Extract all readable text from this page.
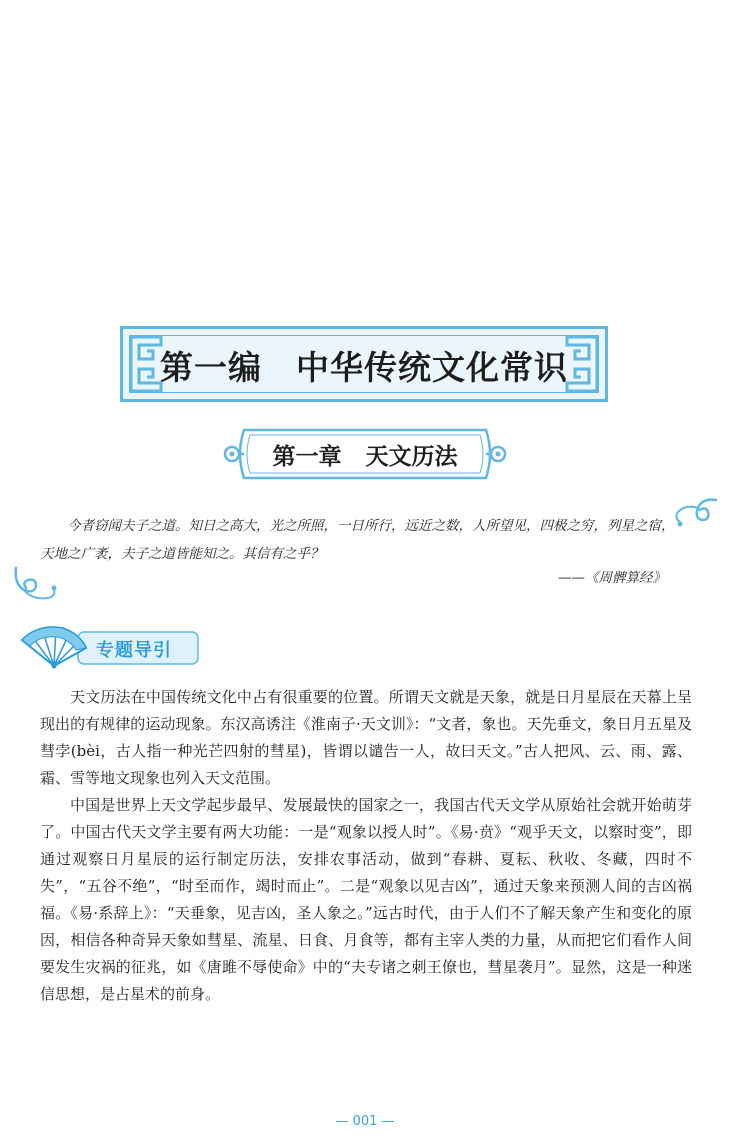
第一编 中华传统文化常识
第一章 天文历法

今者窃闻夫子之道。知日之高大，光之所照，一日所行，远近之数，人所望见，四极之穷，列星之宿，天地之广袤，夫子之道皆能知之。其信有之乎？

——《周髀算经》
专题导引

天文历法在中国传统文化中占有很重要的位置。所谓天文就是天象，就是日月星辰在天幕上呈现出的有规律的运动现象。东汉高诱注《淮南子·天文训》：“文者，象也。天先垂文，象日月五星及彗孛(bèi，古人指一种光芒四射的彗星)，皆谓以谴告一人，故曰天文。”古人把风、云、雨、露、霜、雪等地文现象也列入天文范围。

中国是世界上天文学起步最早、发展最快的国家之一，我国古代天文学从原始社会就开始萌芽了。中国古代天文学主要有两大功能：一是“观象以授人时”。《易·贲》“观乎天文，以察时变”，即通过观察日月星辰的运行制定历法，安排农事活动，做到“春耕、夏耘、秋收、冬藏，四时不失”，“五谷不绝”，“时至而作，竭时而止”。二是“观象以见吉凶”，通过天象来预测人间的吉凶祸福。《易·系辞上》：“天垂象，见吉凶，圣人象之。”远古时代，由于人们不了解天象产生和变化的原因，相信各种奇异天象如彗星、流星、日食、月食等，都有主宰人类的力量，从而把它们看作人间要发生灾祸的征兆，如《唐雎不辱使命》中的“夫专诸之刺王僚也，彗星袭月”。显然，这是一种迷信思想，是占星术的前身。

— 001 —
